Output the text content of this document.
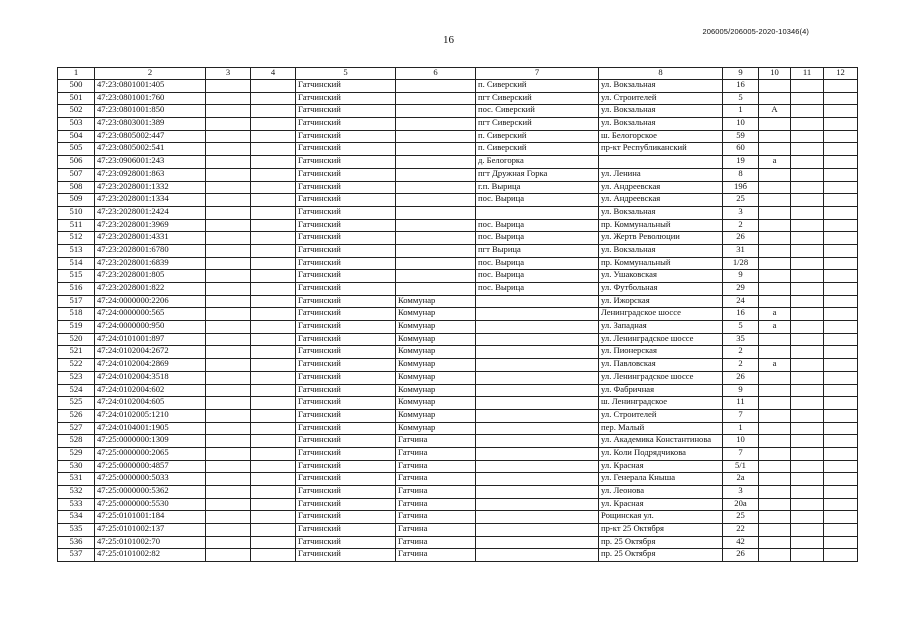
206005/206005-2020-10346(4)
16
1	2	3	4	5	6	7	8	9	10	11	12
500	47:23:0801001:405			Гатчинский		п. Сиверский	ул. Вокзальная	16			
501	47:23:0801001:760			Гатчинский		пгт Сиверский	ул. Строителей	5			
502	47:23:0801001:850			Гатчинский		пос. Сиверский	ул. Вокзальная	1	А		
503	47:23:0803001:389			Гатчинский		пгт Сиверский	ул. Вокзальная	10			
504	47:23:0805002:447			Гатчинский		п. Сиверский	ш. Белогорское	59			
505	47:23:0805002:541			Гатчинский		п. Сиверский	пр-кт Республиканский	60			
506	47:23:0906001:243			Гатчинский		д. Белогорка		19	а		
507	47:23:0928001:863			Гатчинский		пгт Дружная Горка	ул. Ленина	8			
508	47:23:2028001:1332			Гатчинский		г.п. Вырица	ул. Андреевская	19б			
509	47:23:2028001:1334			Гатчинский		пос. Вырица	ул. Андреевская	25			
510	47:23:2028001:2424			Гатчинский			ул. Вокзальная	3			
511	47:23:2028001:3969			Гатчинский		пос. Вырица	пр. Коммунальный	2			
512	47:23:2028001:4331			Гатчинский		пос. Вырица	ул. Жертв Революции	26			
513	47:23:2028001:6780			Гатчинский		пгт Вырица	ул. Вокзальная	31			
514	47:23:2028001:6839			Гатчинский		пос. Вырица	пр. Коммунальный	1/28			
515	47:23:2028001:805			Гатчинский		пос. Вырица	ул. Ушаковская	9			
516	47:23:2028001:822			Гатчинский		пос. Вырица	ул. Футбольная	29			
517	47:24:0000000:2206			Гатчинский	Коммунар		ул. Ижорская	24			
518	47:24:0000000:565			Гатчинский	Коммунар		Ленинградское шоссе	16	а		
519	47:24:0000000:950			Гатчинский	Коммунар		ул. Западная	5	а		
520	47:24:0101001:897			Гатчинский	Коммунар		ул. Ленинградское шоссе	35			
521	47:24:0102004:2672			Гатчинский	Коммунар		ул. Пионерская	2			
522	47:24:0102004:2869			Гатчинский	Коммунар		ул. Павловская	2	а		
523	47:24:0102004:3518			Гатчинский	Коммунар		ул. Ленинградское шоссе	26			
524	47:24:0102004:602			Гатчинский	Коммунар		ул. Фабричная	9			
525	47:24:0102004:605			Гатчинский	Коммунар		ш. Ленинградское	11			
526	47:24:0102005:1210			Гатчинский	Коммунар		ул. Строителей	7			
527	47:24:0104001:1905			Гатчинский	Коммунар		пер. Малый	1			
528	47:25:0000000:1309			Гатчинский	Гатчина		ул. Академика Константинова	10			
529	47:25:0000000:2065			Гатчинский	Гатчина		ул. Коли Подрядчикова	7			
530	47:25:0000000:4857			Гатчинский	Гатчина		ул. Красная	5/1			
531	47:25:0000000:5033			Гатчинский	Гатчина		ул. Генерала Кныша	2а			
532	47:25:0000000:5362			Гатчинский	Гатчина		ул. Леонова	3			
533	47:25:0000000:5530			Гатчинский	Гатчина		ул. Красная	20а			
534	47:25:0101001:184			Гатчинский	Гатчина		Рощинская ул.	25			
535	47:25:0101002:137			Гатчинский	Гатчина		пр-кт 25 Октября	22			
536	47:25:0101002:70			Гатчинский	Гатчина		пр. 25 Октября	42			
537	47:25:0101002:82			Гатчинский	Гатчина		пр. 25 Октября	26			
